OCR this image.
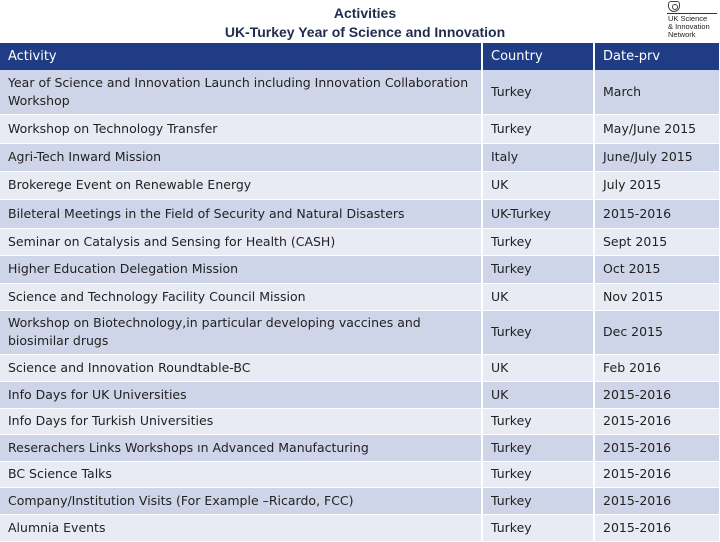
Activities
UK-Turkey Year of Science and Innovation
UK Science
& Innovation
Network
Activity	Country	Date-prv
Year of Science and Innovation Launch including Innovation Collaboration Workshop	Turkey	March
Workshop on Technology Transfer	Turkey	May/June 2015
Agri-Tech Inward Mission	Italy	June/July 2015
Brokerege Event on Renewable Energy	UK	July 2015
Bileteral Meetings in the Field of Security and Natural Disasters	UK-Turkey	2015-2016
Seminar on Catalysis and Sensing for Health (CASH)	Turkey	Sept 2015
Higher Education Delegation Mission	Turkey	Oct 2015
Science and Technology Facility Council Mission	UK	Nov 2015
Workshop on Biotechnology,in particular developing vaccines and biosimilar drugs	Turkey	Dec 2015
Science and Innovation Roundtable-BC	UK	Feb 2016
Info Days for UK Universities	UK	2015-2016
Info Days for Turkish Universities	Turkey	2015-2016
Reserachers Links Workshops ın Advanced Manufacturing	Turkey	2015-2016
BC Science Talks	Turkey	2015-2016
Company/Institution Visits (For Example –Ricardo, FCC)	Turkey	2015-2016
Alumnia Events	Turkey	2015-2016
